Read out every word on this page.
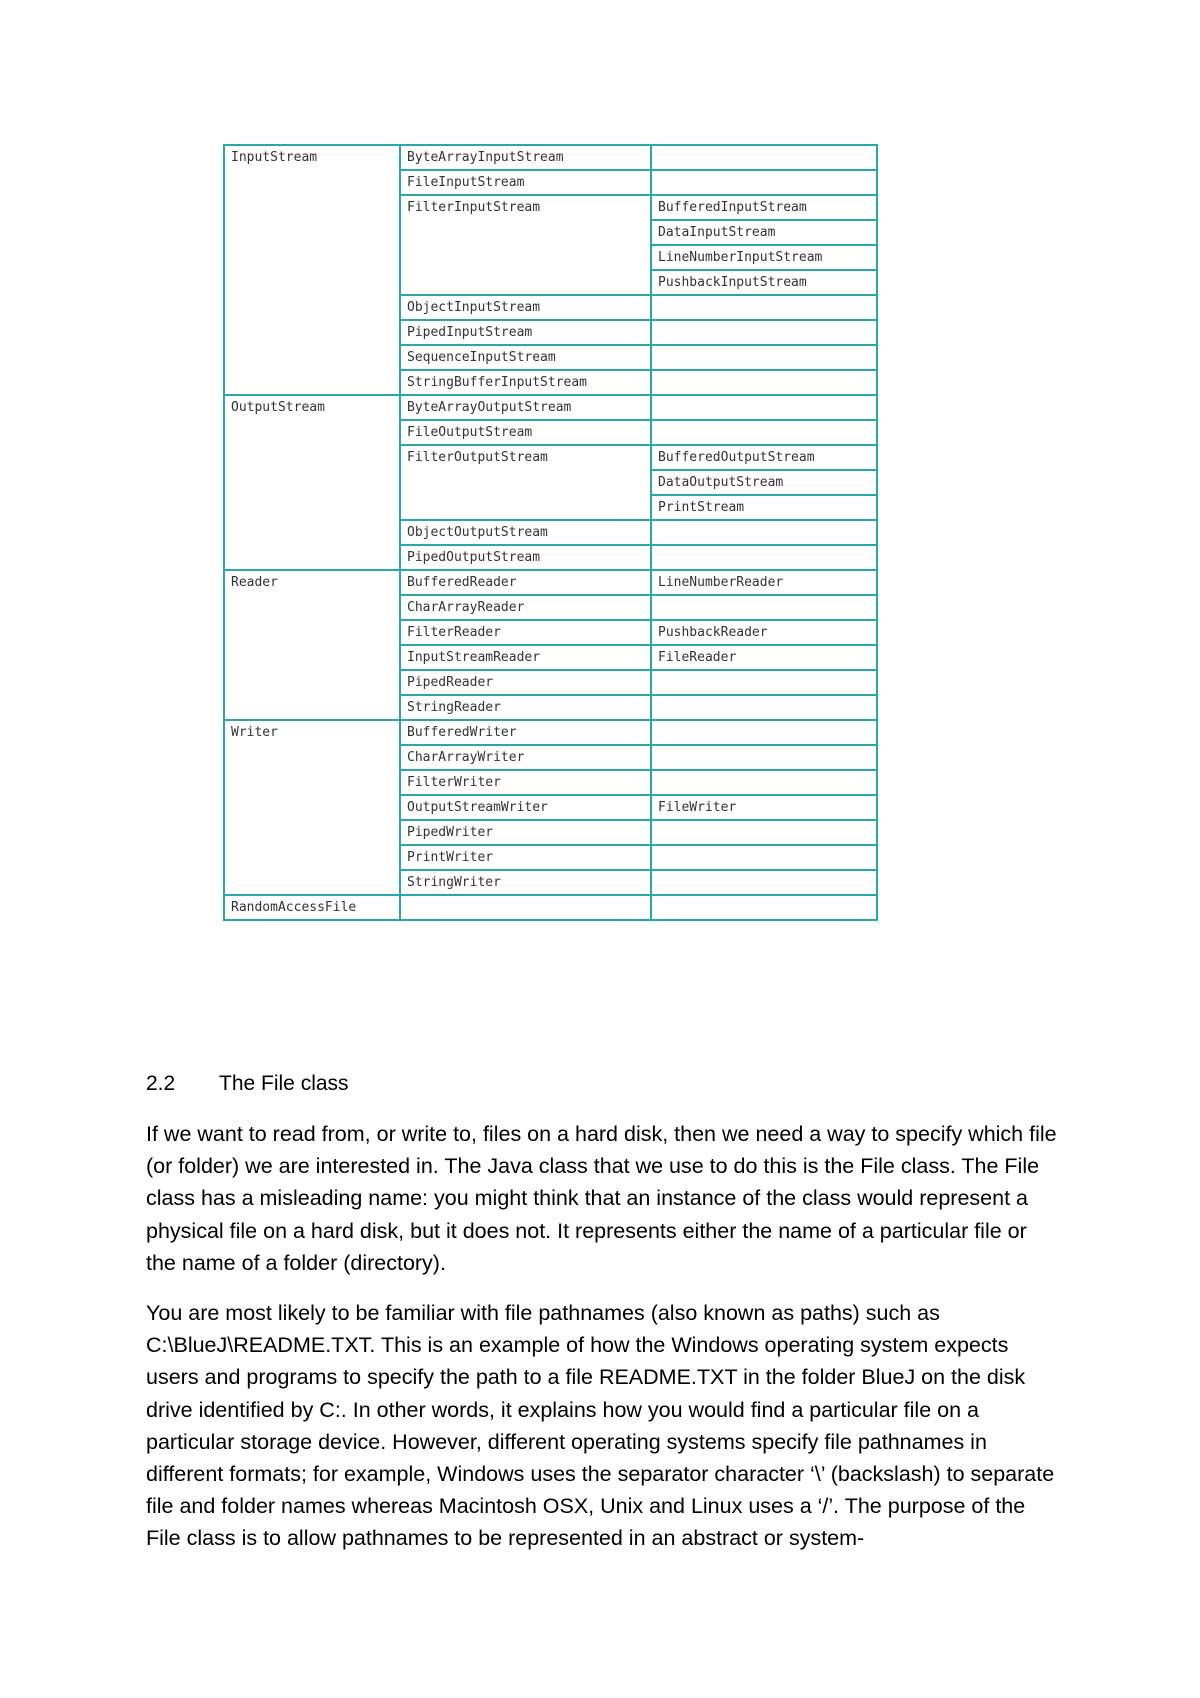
InputStream	ByteArrayInputStream	
	FileInputStream	
	FilterInputStream	BufferedInputStream
		DataInputStream
		LineNumberInputStream
		PushbackInputStream
	ObjectInputStream	
	PipedInputStream	
	SequenceInputStream	
	StringBufferInputStream	
OutputStream	ByteArrayOutputStream	
	FileOutputStream	
	FilterOutputStream	BufferedOutputStream
		DataOutputStream
		PrintStream
	ObjectOutputStream	
	PipedOutputStream	
Reader	BufferedReader	LineNumberReader
	CharArrayReader	
	FilterReader	PushbackReader
	InputStreamReader	FileReader
	PipedReader	
	StringReader	
Writer	BufferedWriter	
	CharArrayWriter	
	FilterWriter	
	OutputStreamWriter	FileWriter
	PipedWriter	
	PrintWriter	
	StringWriter	
RandomAccessFile		
2.2 The File class

If we want to read from, or write to, files on a hard disk, then we need a way to specify which file (or folder) we are interested in. The Java class that we use to do this is the File class. The File class has a misleading name: you might think that an instance of the class would represent a physical file on a hard disk, but it does not. It represents either the name of a particular file or the name of a folder (directory).

You are most likely to be familiar with file pathnames (also known as paths) such as C:\BlueJ\README.TXT. This is an example of how the Windows operating system expects users and programs to specify the path to a file README.TXT in the folder BlueJ on the disk drive identified by C:. In other words, it explains how you would find a particular file on a particular storage device. However, different operating systems specify file pathnames in different formats; for example, Windows uses the separator character ‘\’ (backslash) to separate file and folder names whereas Macintosh OSX, Unix and Linux uses a ‘/’. The purpose of the File class is to allow pathnames to be represented in an abstract or system-
